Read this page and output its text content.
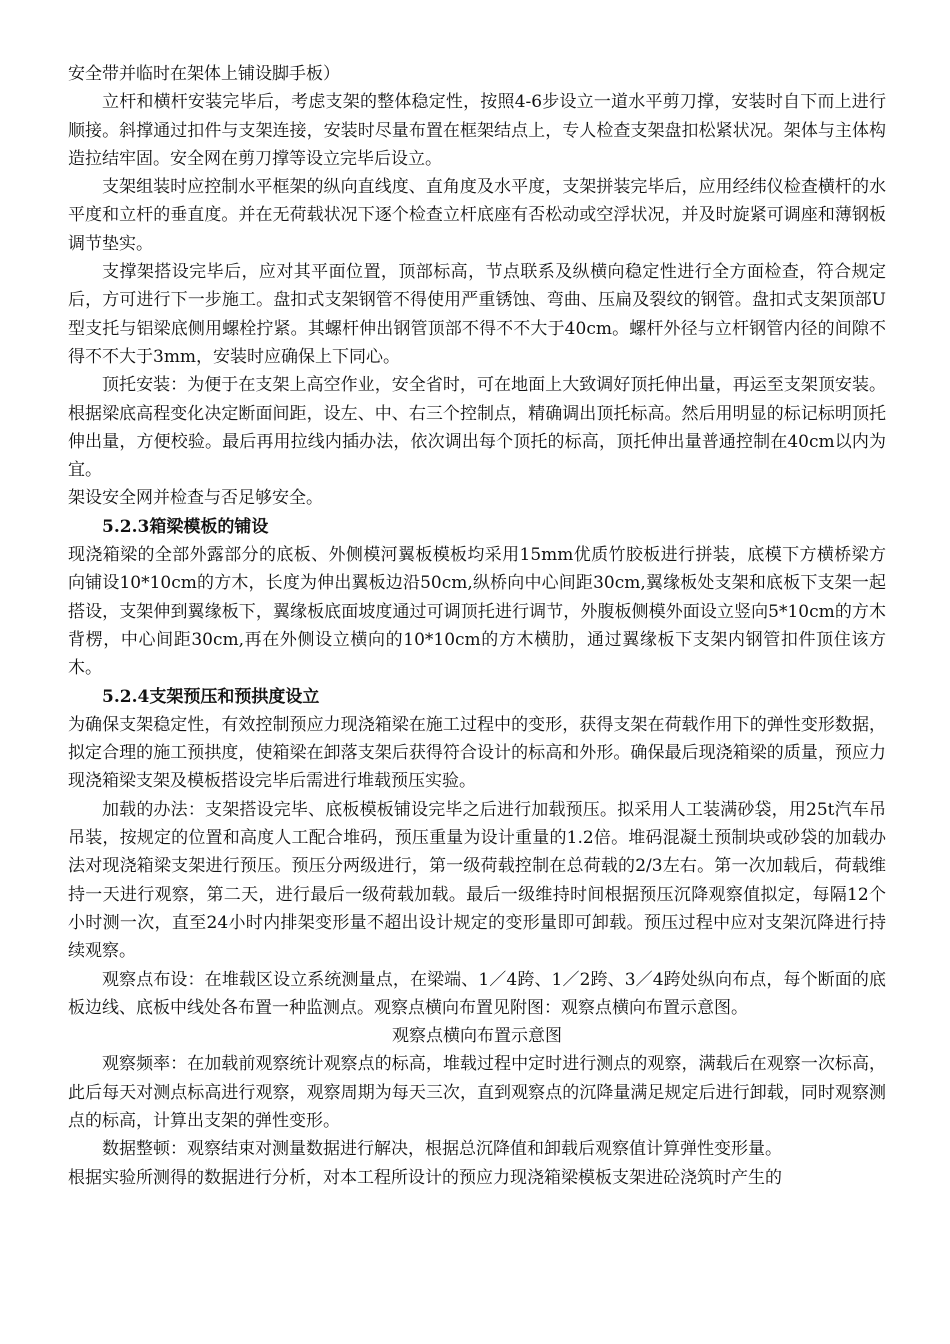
安全带并临时在架体上铺设脚手板）

立杆和横杆安装完毕后，考虑支架的整体稳定性，按照4-6步设立一道水平剪刀撑，安装时自下而上进行顺接。斜撑通过扣件与支架连接，安装时尽量布置在框架结点上，专人检查支架盘扣松紧状况。架体与主体构造拉结牢固。安全网在剪刀撑等设立完毕后设立。

支架组装时应控制水平框架的纵向直线度、直角度及水平度，支架拼装完毕后，应用经纬仪检查横杆的水平度和立杆的垂直度。并在无荷载状况下逐个检查立杆底座有否松动或空浮状况，并及时旋紧可调座和薄钢板调节垫实。

支撑架搭设完毕后，应对其平面位置，顶部标高，节点联系及纵横向稳定性进行全方面检查，符合规定后，方可进行下一步施工。盘扣式支架钢管不得使用严重锈蚀、弯曲、压扁及裂纹的钢管。盘扣式支架顶部U型支托与铝梁底侧用螺栓拧紧。其螺杆伸出钢管顶部不得不不大于40cm。螺杆外径与立杆钢管内径的间隙不得不不大于3mm，安装时应确保上下同心。

顶托安装：为便于在支架上高空作业，安全省时，可在地面上大致调好顶托伸出量，再运至支架顶安装。根据梁底高程变化决定断面间距，设左、中、右三个控制点，精确调出顶托标高。然后用明显的标记标明顶托伸出量，方便校验。最后再用拉线内插办法，依次调出每个顶托的标高，顶托伸出量普通控制在40cm以内为宜。

架设安全网并检查与否足够安全。

5.2.3箱梁模板的铺设

现浇箱梁的全部外露部分的底板、外侧模河翼板模板均采用15mm优质竹胶板进行拼装，底模下方横桥梁方向铺设10*10cm的方木，长度为伸出翼板边沿50cm,纵桥向中心间距30cm,翼缘板处支架和底板下支架一起搭设，支架伸到翼缘板下，翼缘板底面坡度通过可调顶托进行调节，外腹板侧模外面设立竖向5*10cm的方木背楞，中心间距30cm,再在外侧设立横向的10*10cm的方木横肋，通过翼缘板下支架内钢管扣件顶住该方木。

5.2.4支架预压和预拱度设立

为确保支架稳定性，有效控制预应力现浇箱梁在施工过程中的变形，获得支架在荷载作用下的弹性变形数据，拟定合理的施工预拱度，使箱梁在卸落支架后获得符合设计的标高和外形。确保最后现浇箱梁的质量，预应力现浇箱梁支架及模板搭设完毕后需进行堆载预压实验。

加载的办法：支架搭设完毕、底板模板铺设完毕之后进行加载预压。拟采用人工装满砂袋，用25t汽车吊吊装，按规定的位置和高度人工配合堆码，预压重量为设计重量的1.2倍。堆码混凝土预制块或砂袋的加载办法对现浇箱梁支架进行预压。预压分两级进行，第一级荷载控制在总荷载的2/3左右。第一次加载后，荷载维持一天进行观察，第二天，进行最后一级荷载加载。最后一级维持时间根据预压沉降观察值拟定，每隔12个小时测一次，直至24小时内排架变形量不超出设计规定的变形量即可卸载。预压过程中应对支架沉降进行持续观察。

观察点布设：在堆载区设立系统测量点，在梁端、1／4跨、1／2跨、3／4跨处纵向布点，每个断面的底板边线、底板中线处各布置一种监测点。观察点横向布置见附图：观察点横向布置示意图。

观察点横向布置示意图

观察频率：在加载前观察统计观察点的标高，堆载过程中定时进行测点的观察，满载后在观察一次标高，此后每天对测点标高进行观察，观察周期为每天三次，直到观察点的沉降量满足规定后进行卸载，同时观察测点的标高，计算出支架的弹性变形。

数据整顿：观察结束对测量数据进行解决，根据总沉降值和卸载后观察值计算弹性变形量。

根据实验所测得的数据进行分析，对本工程所设计的预应力现浇箱梁模板支架进砼浇筑时产生的
